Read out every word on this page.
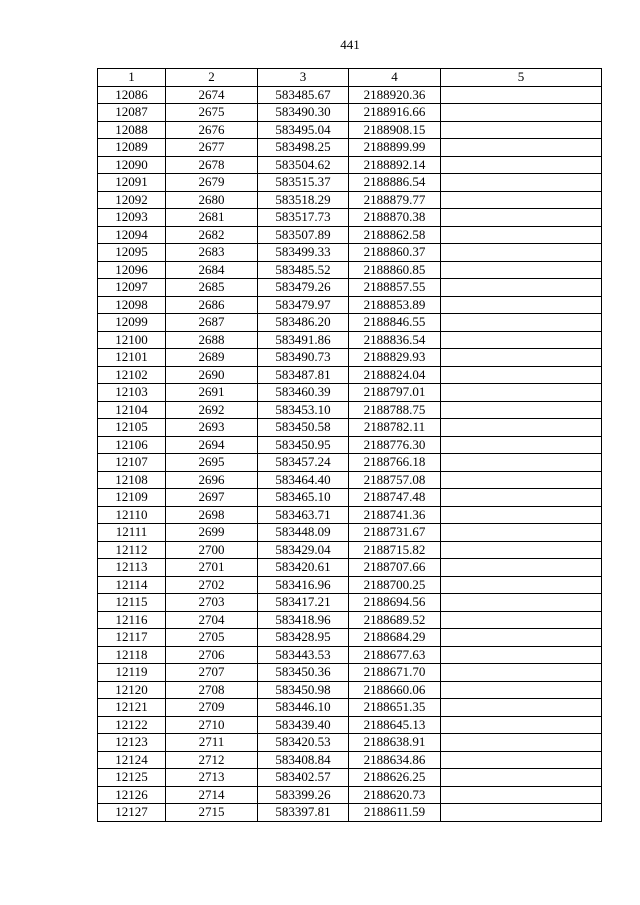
441
1	2	3	4	5
12086	2674	583485.67	2188920.36	
12087	2675	583490.30	2188916.66	
12088	2676	583495.04	2188908.15	
12089	2677	583498.25	2188899.99	
12090	2678	583504.62	2188892.14	
12091	2679	583515.37	2188886.54	
12092	2680	583518.29	2188879.77	
12093	2681	583517.73	2188870.38	
12094	2682	583507.89	2188862.58	
12095	2683	583499.33	2188860.37	
12096	2684	583485.52	2188860.85	
12097	2685	583479.26	2188857.55	
12098	2686	583479.97	2188853.89	
12099	2687	583486.20	2188846.55	
12100	2688	583491.86	2188836.54	
12101	2689	583490.73	2188829.93	
12102	2690	583487.81	2188824.04	
12103	2691	583460.39	2188797.01	
12104	2692	583453.10	2188788.75	
12105	2693	583450.58	2188782.11	
12106	2694	583450.95	2188776.30	
12107	2695	583457.24	2188766.18	
12108	2696	583464.40	2188757.08	
12109	2697	583465.10	2188747.48	
12110	2698	583463.71	2188741.36	
12111	2699	583448.09	2188731.67	
12112	2700	583429.04	2188715.82	
12113	2701	583420.61	2188707.66	
12114	2702	583416.96	2188700.25	
12115	2703	583417.21	2188694.56	
12116	2704	583418.96	2188689.52	
12117	2705	583428.95	2188684.29	
12118	2706	583443.53	2188677.63	
12119	2707	583450.36	2188671.70	
12120	2708	583450.98	2188660.06	
12121	2709	583446.10	2188651.35	
12122	2710	583439.40	2188645.13	
12123	2711	583420.53	2188638.91	
12124	2712	583408.84	2188634.86	
12125	2713	583402.57	2188626.25	
12126	2714	583399.26	2188620.73	
12127	2715	583397.81	2188611.59	
